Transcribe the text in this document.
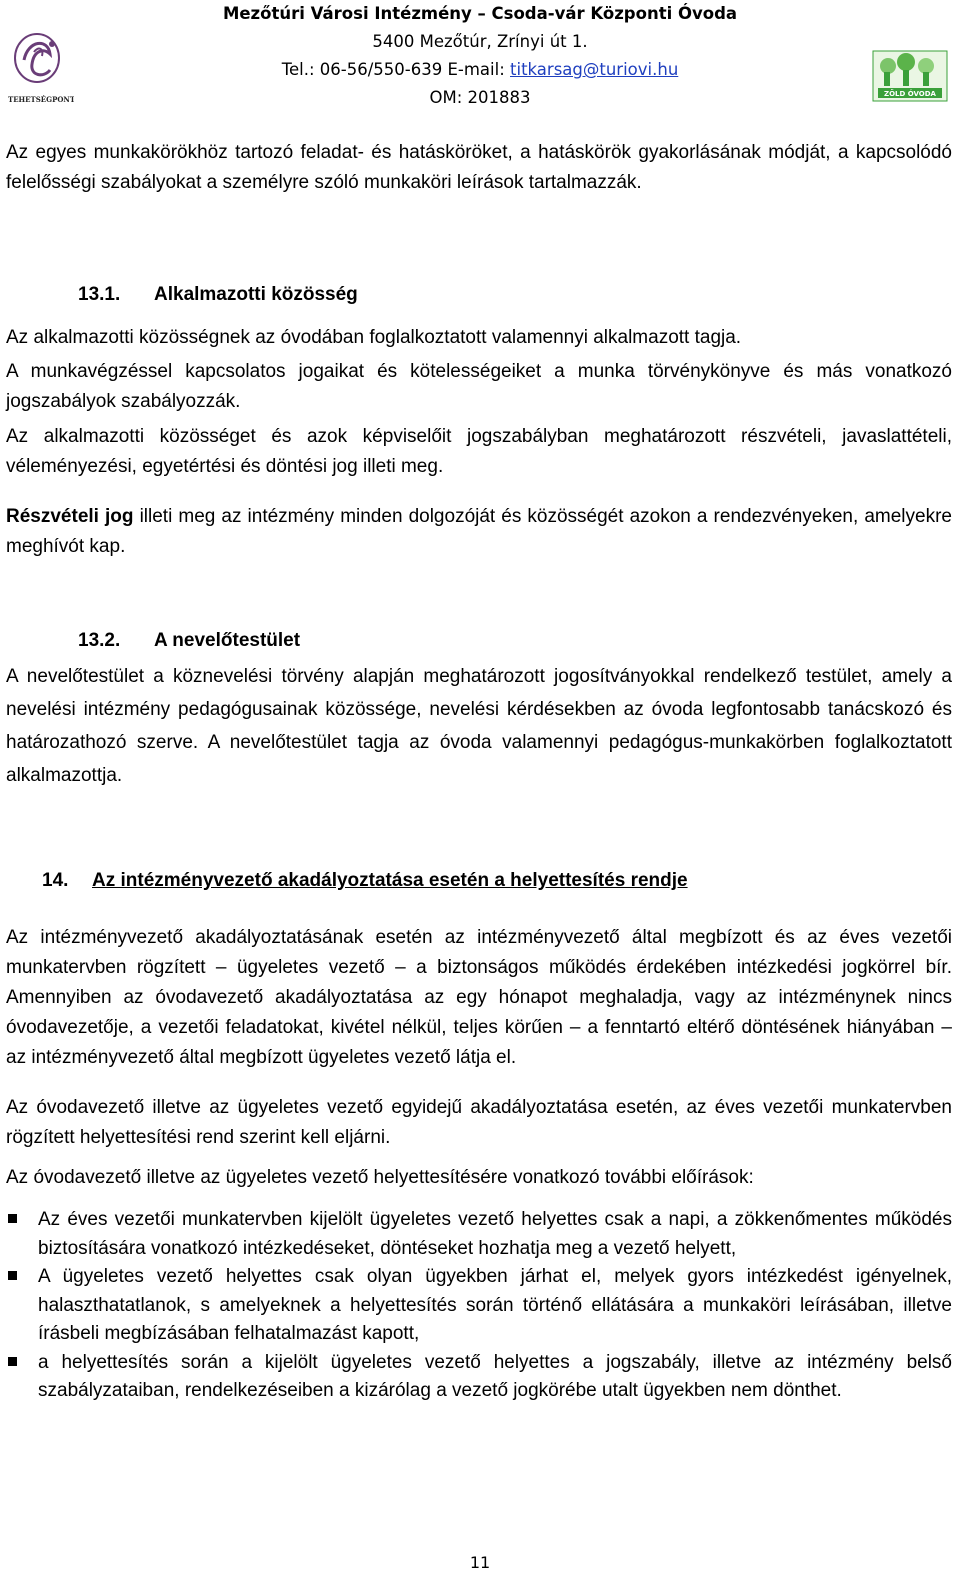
TEHETSÉGPONT
Mezőtúri Városi Intézmény – Csoda-vár Központi Óvoda
5400 Mezőtúr, Zrínyi út 1.
Tel.: 06-56/550-639 E-mail: titkarsag@turiovi.hu
OM: 201883	ZÖLD ÓVODA

Az egyes munkakörökhöz tartozó feladat- és hatásköröket, a hatáskörök gyakorlásának módját, a kapcsolódó felelősségi szabályokat a személyre szóló munkaköri leírások tartalmazzák.

13.1. Alkalmazotti közösség

Az alkalmazotti közösségnek az óvodában foglalkoztatott valamennyi alkalmazott tagja.

A munkavégzéssel kapcsolatos jogaikat és kötelességeiket a munka törvénykönyve és más vonatkozó jogszabályok szabályozzák.

Az alkalmazotti közösséget és azok képviselőit jogszabályban meghatározott részvételi, javaslattételi, véleményezési, egyetértési és döntési jog illeti meg.

Részvételi jog illeti meg az intézmény minden dolgozóját és közösségét azokon a rendezvényeken, amelyekre meghívót kap.

13.2. A nevelőtestület

A nevelőtestület a köznevelési törvény alapján meghatározott jogosítványokkal rendelkező testület, amely a nevelési intézmény pedagógusainak közössége, nevelési kérdésekben az óvoda legfontosabb tanácskozó és határozathozó szerve. A nevelőtestület tagja az óvoda valamennyi pedagógus-munkakörben foglalkoztatott alkalmazottja.

14. Az intézményvezető akadályoztatása esetén a helyettesítés rendje

Az intézményvezető akadályoztatásának esetén az intézményvezető által megbízott és az éves vezetői munkatervben rögzített – ügyeletes vezető – a biztonságos működés érdekében intézkedési jogkörrel bír. Amennyiben az óvodavezető akadályoztatása az egy hónapot meghaladja, vagy az intézménynek nincs óvodavezetője, a vezetői feladatokat, kivétel nélkül, teljes körűen – a fenntartó eltérő döntésének hiányában – az intézményvezető által megbízott ügyeletes vezető látja el.

Az óvodavezető illetve az ügyeletes vezető egyidejű akadályoztatása esetén, az éves vezetői munkatervben rögzített helyettesítési rend szerint kell eljárni.

Az óvodavezető illetve az ügyeletes vezető helyettesítésére vonatkozó további előírások:

Az éves vezetői munkatervben kijelölt ügyeletes vezető helyettes csak a napi, a zökkenőmentes működés biztosítására vonatkozó intézkedéseket, döntéseket hozhatja meg a vezető helyett,
A ügyeletes vezető helyettes csak olyan ügyekben járhat el, melyek gyors intézkedést igényelnek, halaszthatatlanok, s amelyeknek a helyettesítés során történő ellátására a munkaköri leírásában, illetve írásbeli megbízásában felhatalmazást kapott,
a helyettesítés során a kijelölt ügyeletes vezető helyettes a jogszabály, illetve az intézmény belső szabályzataiban, rendelkezéseiben a kizárólag a vezető jogkörébe utalt ügyekben nem dönthet.
11
